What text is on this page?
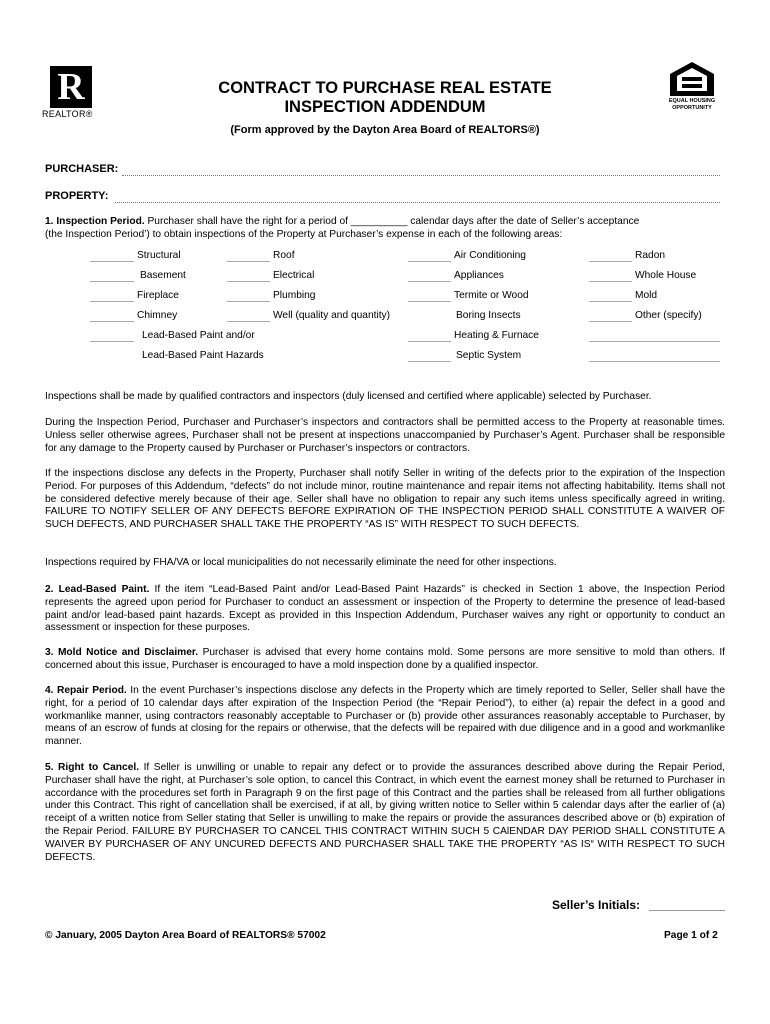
R
REALTOR®
EQUAL HOUSING
OPPORTUNITY
CONTRACT TO PURCHASE REAL ESTATE
INSPECTION ADDENDUM
(Form approved by the Dayton Area Board of REALTORS®)
PURCHASER:
PROPERTY:
1. Inspection Period. Purchaser shall have the right for a period of __________ calendar days after the date of Seller’s acceptance
(the Inspection Period’) to obtain inspections of the Property at Purchaser’s expense in each of the following areas:
Structural
Basement
Fireplace
Chimney
Lead-Based Paint and/or
Lead-Based Paint Hazards
Roof
Electrical
Plumbing
Well (quality and quantity)
Air Conditioning
Appliances
Termite or Wood
Boring Insects
Heating & Furnace
Septic System
Radon
Whole House
Mold
Other (specify)
Inspections shall be made by qualified contractors and inspectors (duly licensed and certified where applicable) selected by Purchaser.
During the Inspection Period, Purchaser and Purchaser’s inspectors and contractors shall be permitted access to the Property at reasonable times. Unless seller otherwise agrees, Purchaser shall not be present at inspections unaccompanied by Purchaser’s Agent. Purchaser shall be responsible for any damage to the Property caused by Purchaser or Purchaser’s inspectors or contractors.
If the inspections disclose any defects in the Property, Purchaser shall notify Seller in writing of the defects prior to the expiration of the Inspection Period. For purposes of this Addendum, “defects” do not include minor, routine maintenance and repair items not affecting habitability. Items shall not be considered defective merely because of their age. Seller shall have no obligation to repair any such items unless specifically agreed in writing. FAILURE TO NOTIFY SELLER OF ANY DEFECTS BEFORE EXPIRATION OF THE INSPECTION PERIOD SHALL CONSTITUTE A WAIVER OF SUCH DEFECTS, AND PURCHASER SHALL TAKE THE PROPERTY “AS IS” WITH RESPECT TO SUCH DEFECTS.
Inspections required by FHA/VA or local municipalities do not necessarily eliminate the need for other inspections.
2. Lead-Based Paint. If the item “Lead-Based Paint and/or Lead-Based Paint Hazards” is checked in Section 1 above, the Inspection Period represents the agreed upon period for Purchaser to conduct an assessment or inspection of the Property to determine the presence of lead-based paint and/or lead-based paint hazards. Except as provided in this Inspection Addendum, Purchaser waives any right or opportunity to conduct an assessment or inspection for these purposes.
3. Mold Notice and Disclaimer. Purchaser is advised that every home contains mold. Some persons are more sensitive to mold than others. If concerned about this issue, Purchaser is encouraged to have a mold inspection done by a qualified inspector.
4. Repair Period. In the event Purchaser’s inspections disclose any defects in the Property which are timely reported to Seller, Seller shall have the right, for a period of 10 calendar days after expiration of the Inspection Period (the “Repair Period”), to either (a) repair the defect in a good and workmanlike manner, using contractors reasonably acceptable to Purchaser or (b) provide other assurances reasonably acceptable to Purchaser, by means of an escrow of funds at closing for the repairs or otherwise, that the defects will be repaired with due diligence and in a good and workmanlike manner.
5. Right to Cancel. If Seller is unwilling or unable to repair any defect or to provide the assurances described above during the Repair Period, Purchaser shall have the right, at Purchaser’s sole option, to cancel this Contract, in which event the earnest money shall be returned to Purchaser in accordance with the procedures set forth in Paragraph 9 on the first page of this Contract and the parties shall be released from all further obligations under this Contract. This right of cancellation shall be exercised, if at all, by giving written notice to Seller within 5 calendar days after the earlier of (a) receipt of a written notice from Seller stating that Seller is unwilling to make the repairs or provide the assurances described above or (b) expiration of the Repair Period. FAILURE BY PURCHASER TO CANCEL THIS CONTRACT WITHIN SUCH 5 CAlENDAR DAY PERIOD SHALL CONSTITUTE A WAIVER BY PURCHASER OF ANY UNCURED DEFECTS AND PURCHASER SHALL TAKE THE PROPERTY “AS IS“ WITH RESPECT TO SUCH DEFECTS.
Seller’s Initials:
© January, 2005 Dayton Area Board of REALTORS® 57002	Page 1 of 2
